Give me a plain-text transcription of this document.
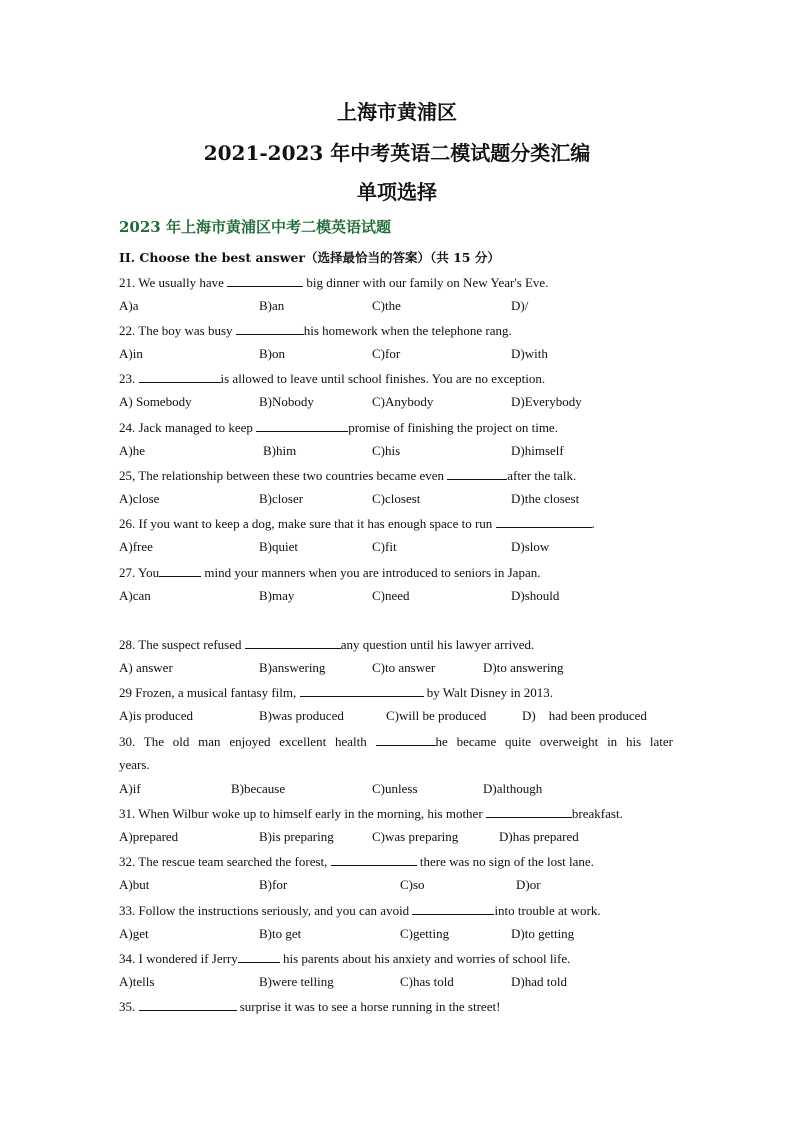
上海市黄浦区
2021-2023 年中考英语二模试题分类汇编
单项选择
2023 年上海市黄浦区中考二模英语试题
II. Choose the best answer（选择最恰当的答案）（共 15 分）
21. We usually have	big dinner with our family on New Year's Eve.
A)a	B)an	C)the	D)/
22. The boy was busy	his homework when the telephone rang.
A)in	B)on	C)for	D)with
23.	is allowed to leave until school finishes. You are no exception.
A) Somebody	B)Nobody	C)Anybody	D)Everybody
24. Jack managed to keep	promise of finishing the project on time.
A)he	B)him	C)his	D)himself
25, The relationship between these two countries became even	after the talk.
A)close	B)closer	C)closest	D)the closest
26. If you want to keep a dog, make sure that it has enough space to run	.
A)free	B)quiet	C)fit	D)slow
27. You	mind your manners when you are introduced to seniors in Japan.
A)can	B)may	C)need	D)should
28. The suspect refused	any question until his lawyer arrived.
A) answer	B)answering	C)to answer	D)to answering
29 Frozen, a musical fantasy film,	by Walt Disney in 2013.
A)is produced	B)was produced	C)will be produced	D)    had been produced
30. The old man enjoyed excellent health	he became quite overweight in his later
years.
A)if	B)because	C)unless	D)although
31. When Wilbur woke up to himself early in the morning, his mother	breakfast.
A)prepared	B)is preparing	C)was preparing	D)has prepared
32. The rescue team searched the forest,	there was no sign of the lost lane.
A)but	B)for	C)so	D)or
33. Follow the instructions seriously, and you can avoid	into trouble at work.
A)get	B)to get	C)getting	D)to getting
34. I wondered if Jerry	his parents about his anxiety and worries of school life.
A)tells	B)were telling	C)has told	D)had told
35.	surprise it was to see a horse running in the street!
